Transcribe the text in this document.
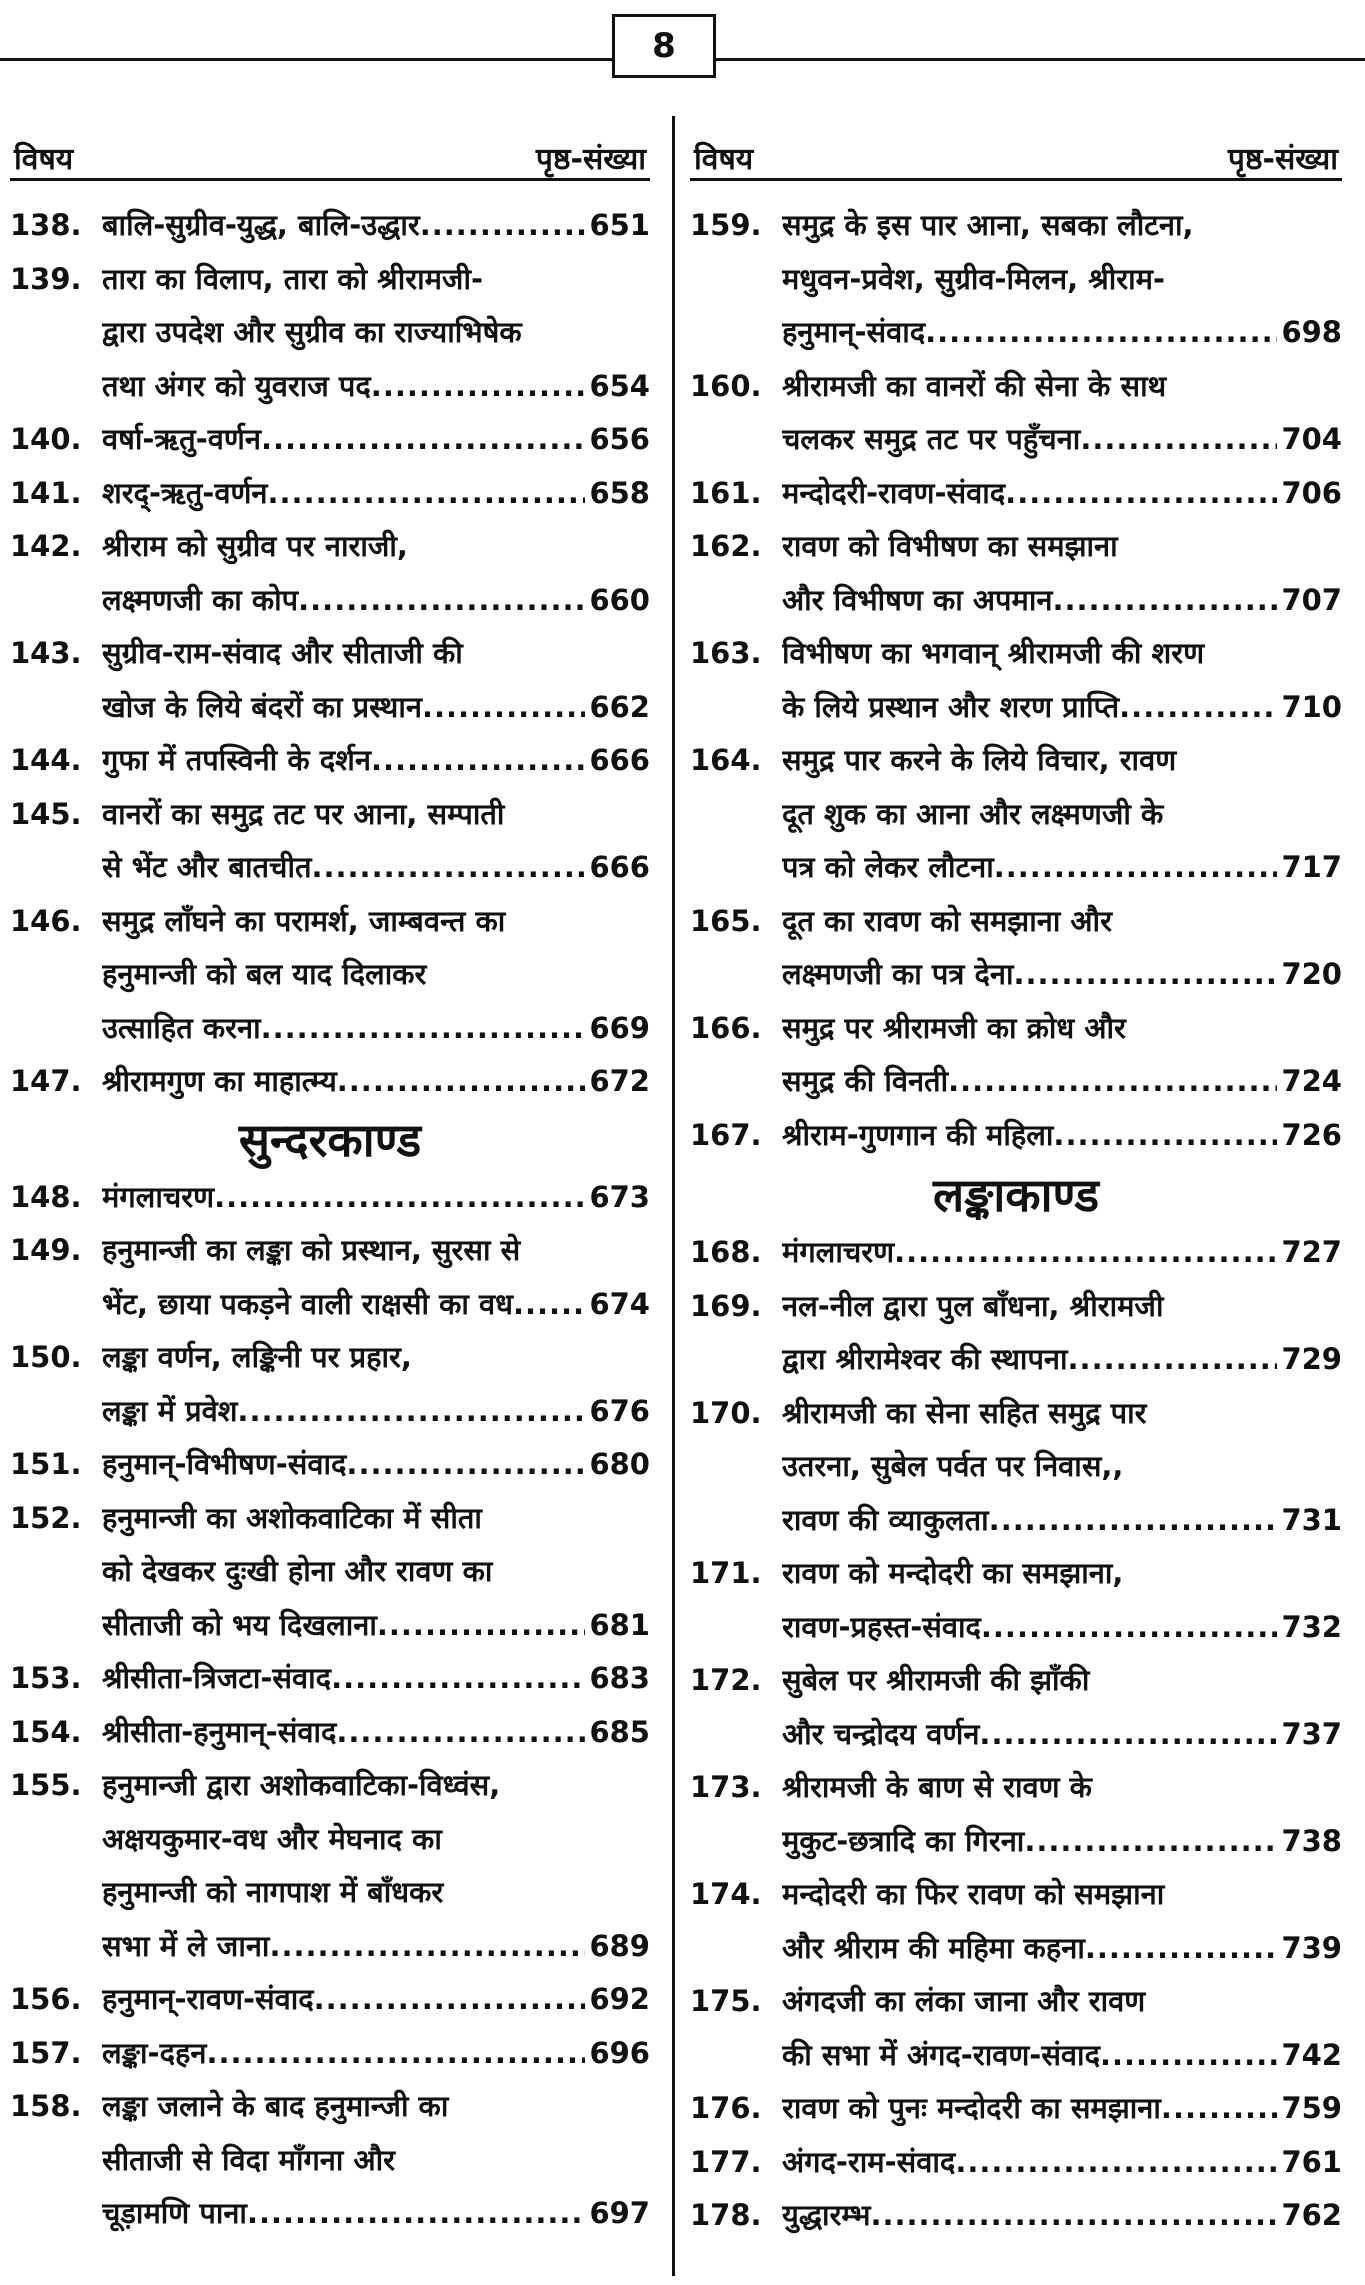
8
विषय	पृष्ठ-संख्या
138. बालि-सुग्रीव-युद्ध, बालि-उद्धार .....	651
139. तारा का विलाप, तारा को श्रीरामजी-
द्वारा उपदेश और सुग्रीव का राज्याभिषेक
तथा अंगर को युवराज पद .....	654
140. वर्षा-ऋतु-वर्णन .....	656
141. शरद्-ऋतु-वर्णन .....	658
142. श्रीराम को सुग्रीव पर नाराजी,
लक्ष्मणजी का कोप .....	660
143. सुग्रीव-राम-संवाद और सीताजी की
खोज के लिये बंदरों का प्रस्थान .....	662
144. गुफा में तपस्विनी के दर्शन .....	666
145. वानरों का समुद्र तट पर आना, सम्पाती
से भेंट और बातचीत .....	666
146. समुद्र लाँघने का परामर्श, जाम्बवन्त का
हनुमान्जी को बल याद दिलाकर
उत्साहित करना .....	669
147. श्रीरामगुण का माहात्म्य .....	672
सुन्दरकाण्ड
148. मंगलाचरण .....	673
149. हनुमान्जी का लङ्का को प्रस्थान, सुरसा से
भेंट, छाया पकड़ने वाली राक्षसी का वध .....	674
150. लङ्का वर्णन, लङ्किनी पर प्रहार,
लङ्का में प्रवेश .....	676
151. हनुमान्-विभीषण-संवाद .....	680
152. हनुमान्जी का अशोकवाटिका में सीता
को देखकर दुःखी होना और रावण का
सीताजी को भय दिखलाना .....	681
153. श्रीसीता-त्रिजटा-संवाद .....	683
154. श्रीसीता-हनुमान्-संवाद .....	685
155. हनुमान्जी द्वारा अशोकवाटिका-विध्वंस,
अक्षयकुमार-वध और मेघनाद का
हनुमान्जी को नागपाश में बाँधकर
सभा में ले जाना .....	689
156. हनुमान्-रावण-संवाद .....	692
157. लङ्का-दहन .....	696
158. लङ्का जलाने के बाद हनुमान्जी का
सीताजी से विदा माँगना और
चूड़ामणि पाना .....	697
विषय	पृष्ठ-संख्या
159. समुद्र के इस पार आना, सबका लौटना,
मधुवन-प्रवेश, सुग्रीव-मिलन, श्रीराम-
हनुमान्-संवाद .....	698
160. श्रीरामजी का वानरों की सेना के साथ
चलकर समुद्र तट पर पहुँचना .....	704
161. मन्दोदरी-रावण-संवाद .....	706
162. रावण को विभीषण का समझाना
और विभीषण का अपमान .....	707
163. विभीषण का भगवान् श्रीरामजी की शरण
के लिये प्रस्थान और शरण प्राप्ति .....	710
164. समुद्र पार करने के लिये विचार, रावण
दूत शुक का आना और लक्ष्मणजी के
पत्र को लेकर लौटना .....	717
165. दूत का रावण को समझाना और
लक्ष्मणजी का पत्र देना .....	720
166. समुद्र पर श्रीरामजी का क्रोध और
समुद्र की विनती .....	724
167. श्रीराम-गुणगान की महिला .....	726
लङ्काकाण्ड
168. मंगलाचरण .....	727
169. नल-नील द्वारा पुल बाँधना, श्रीरामजी
द्वारा श्रीरामेश्वर की स्थापना .....	729
170. श्रीरामजी का सेना सहित समुद्र पार
उतरना, सुबेल पर्वत पर निवास,,
रावण की व्याकुलता .....	731
171. रावण को मन्दोदरी का समझाना,
रावण-प्रहस्त-संवाद .....	732
172. सुबेल पर श्रीरामजी की झाँकी
और चन्द्रोदय वर्णन .....	737
173. श्रीरामजी के बाण से रावण के
मुकुट-छत्रादि का गिरना .....	738
174. मन्दोदरी का फिर रावण को समझाना
और श्रीराम की महिमा कहना .....	739
175. अंगदजी का लंका जाना और रावण
की सभा में अंगद-रावण-संवाद .....	742
176. रावण को पुनः मन्दोदरी का समझाना .....	759
177. अंगद-राम-संवाद .....	761
178. युद्धारम्भ .....	762
